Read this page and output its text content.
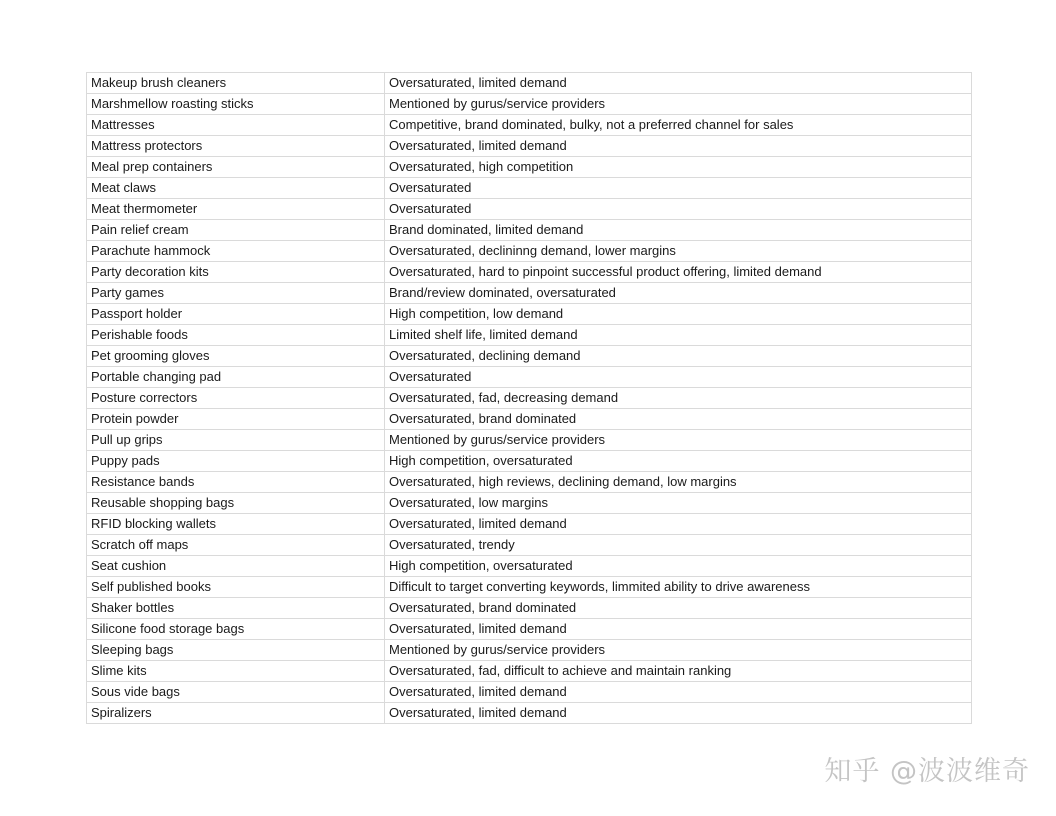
Makeup brush cleaners	Oversaturated, limited demand
Marshmellow roasting sticks	Mentioned by gurus/service providers
Mattresses	Competitive, brand dominated, bulky, not a preferred channel for sales
Mattress protectors	Oversaturated, limited demand
Meal prep containers	Oversaturated, high competition
Meat claws	Oversaturated
Meat thermometer	Oversaturated
Pain relief cream	Brand dominated, limited demand
Parachute hammock	Oversaturated, declininng demand, lower margins
Party decoration kits	Oversaturated, hard to pinpoint successful product offering, limited demand
Party games	Brand/review dominated, oversaturated
Passport holder	High competition, low demand
Perishable foods	Limited shelf life, limited demand
Pet grooming gloves	Oversaturated, declining demand
Portable changing pad	Oversaturated
Posture correctors	Oversaturated, fad, decreasing demand
Protein powder	Oversaturated, brand dominated
Pull up grips	Mentioned by gurus/service providers
Puppy pads	High competition, oversaturated
Resistance bands	Oversaturated, high reviews, declining demand, low margins
Reusable shopping bags	Oversaturated, low margins
RFID blocking wallets	Oversaturated, limited demand
Scratch off maps	Oversaturated, trendy
Seat cushion	High competition, oversaturated
Self published books	Difficult to target converting keywords, limmited ability to drive awareness
Shaker bottles	Oversaturated, brand dominated
Silicone food storage bags	Oversaturated, limited demand
Sleeping bags	Mentioned by gurus/service providers
Slime kits	Oversaturated, fad, difficult to achieve and maintain ranking
Sous vide bags	Oversaturated, limited demand
Spiralizers	Oversaturated, limited demand
知乎 @波波维奇
